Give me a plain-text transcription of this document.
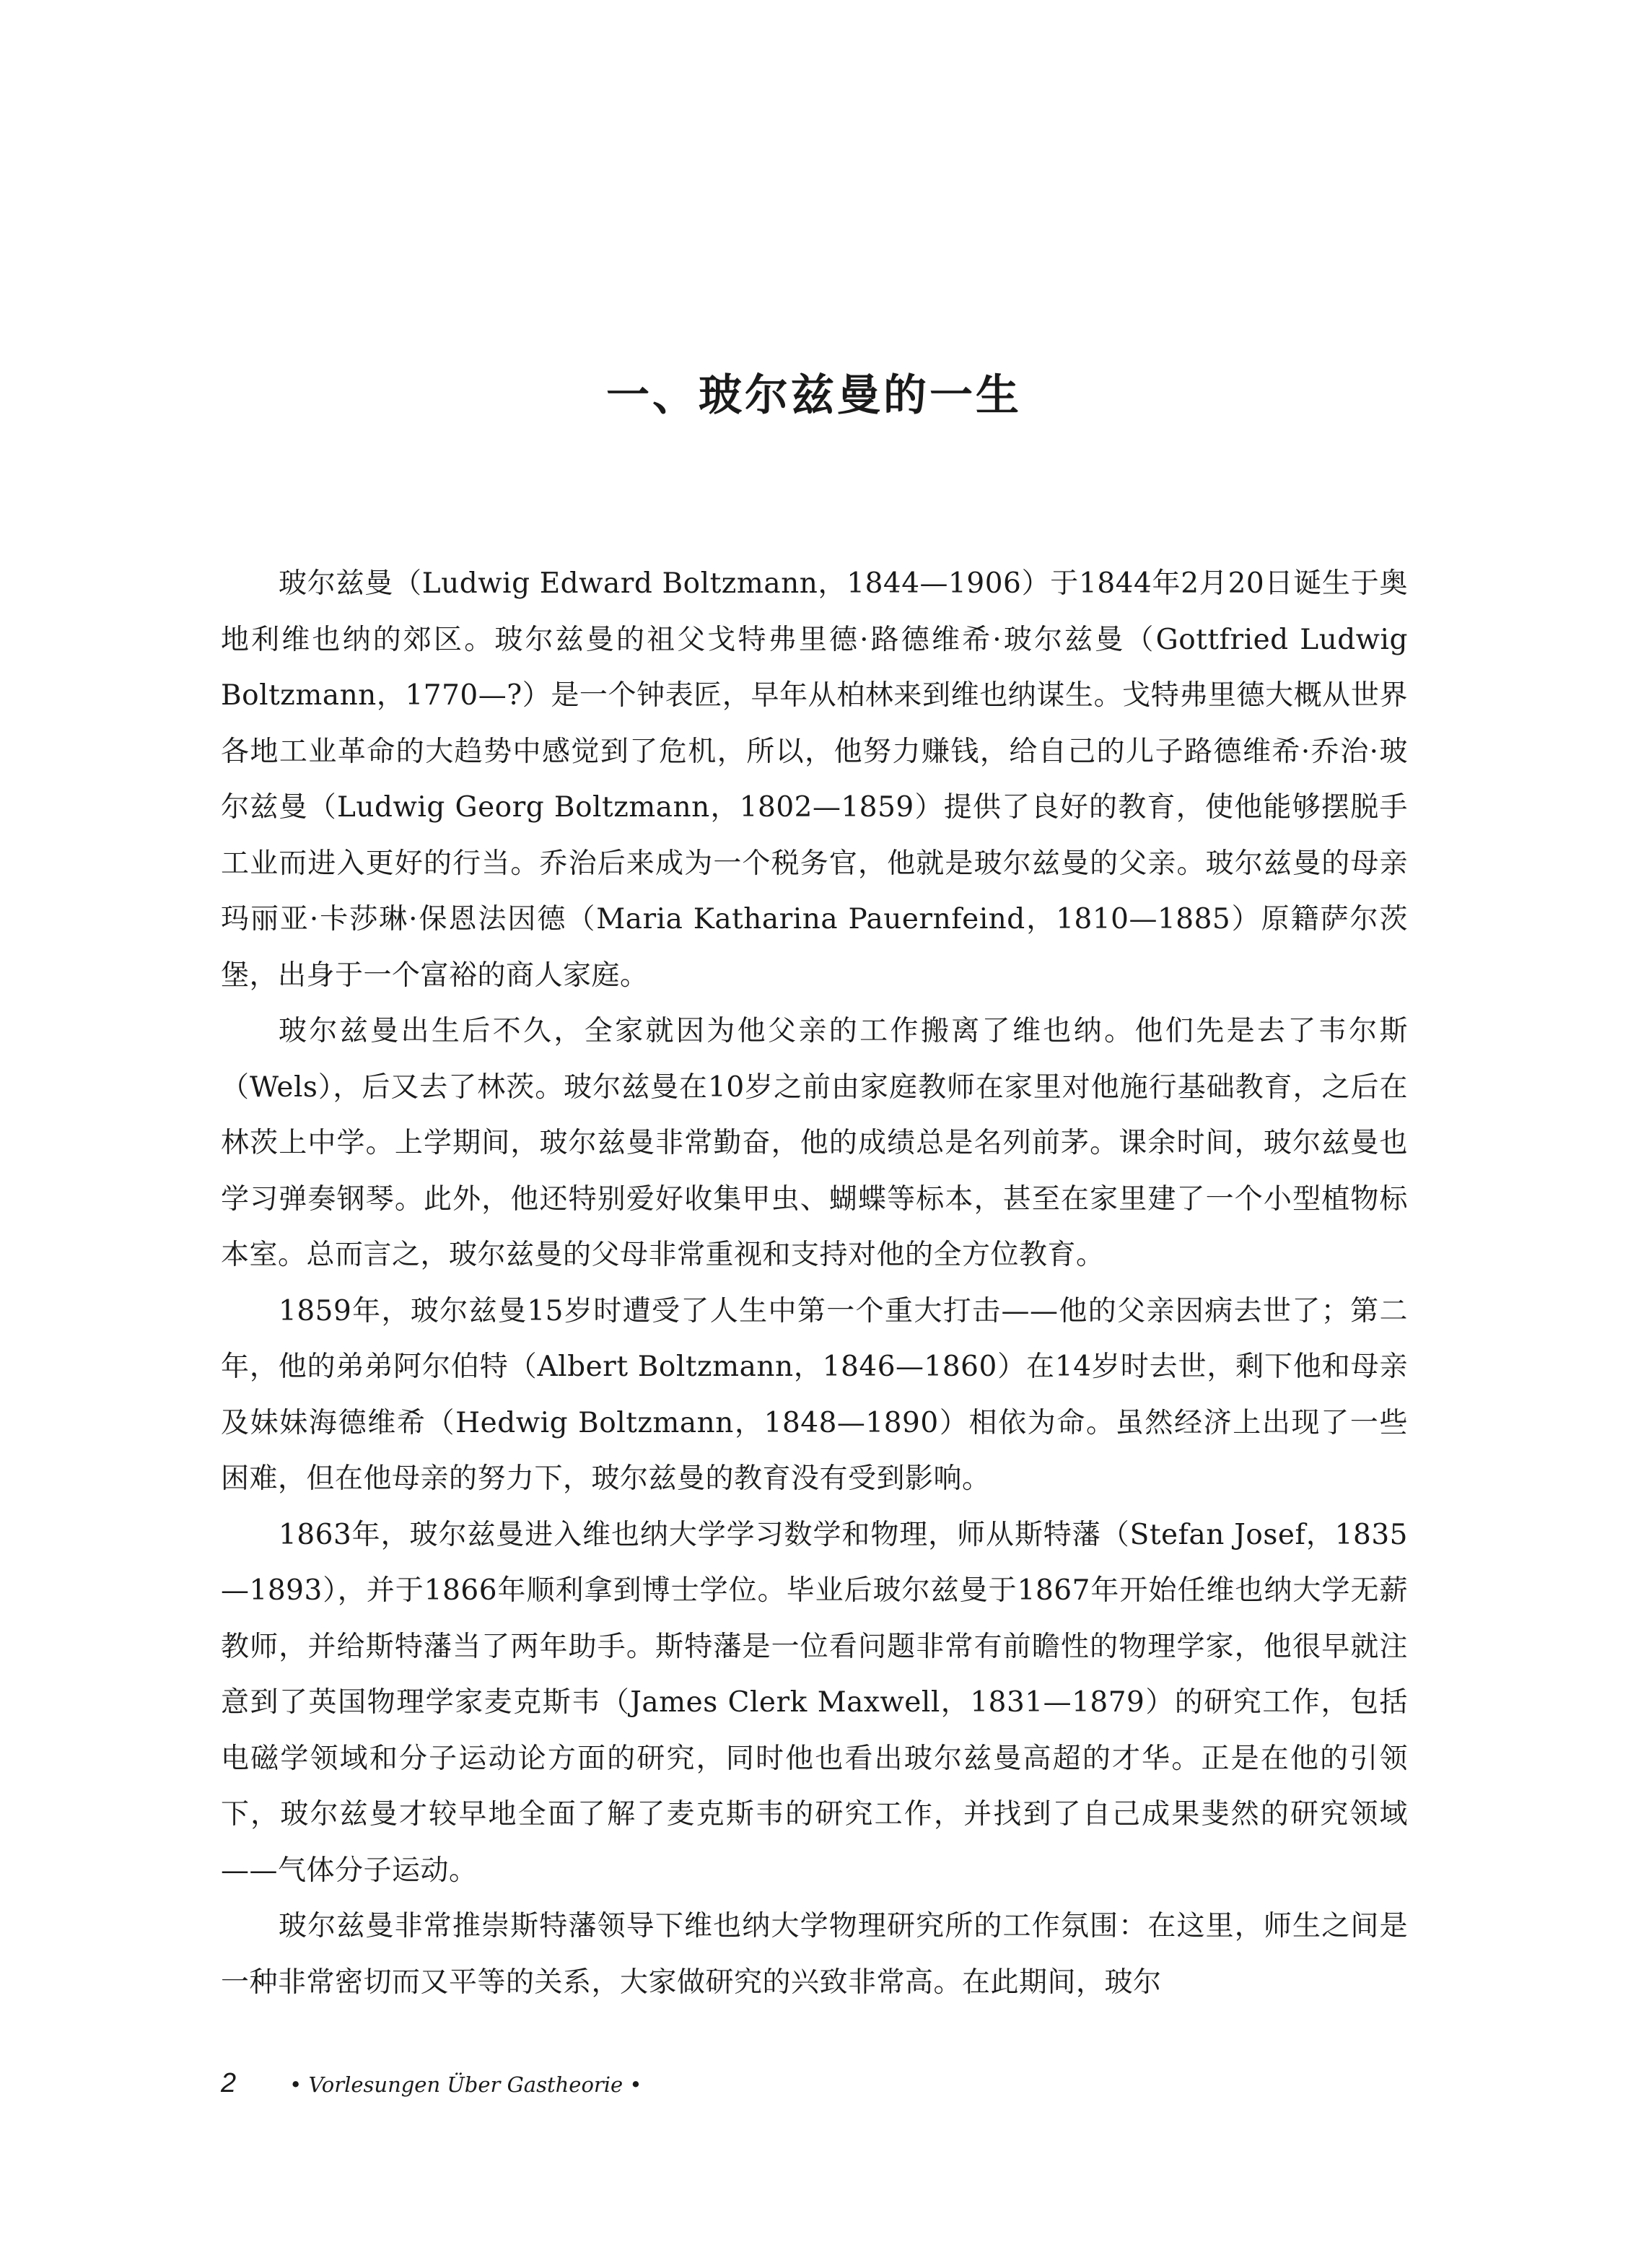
一、玻尔兹曼的一生

玻尔兹曼（Ludwig Edward Boltzmann，1844—1906）于1844年2月20日诞生于奥地利维也纳的郊区。玻尔兹曼的祖父戈特弗里德·路德维希·玻尔兹曼（Gottfried Ludwig Boltzmann，1770—?）是一个钟表匠，早年从柏林来到维也纳谋生。戈特弗里德大概从世界各地工业革命的大趋势中感觉到了危机，所以，他努力赚钱，给自己的儿子路德维希·乔治·玻尔兹曼（Ludwig Georg Boltzmann，1802—1859）提供了良好的教育，使他能够摆脱手工业而进入更好的行当。乔治后来成为一个税务官，他就是玻尔兹曼的父亲。玻尔兹曼的母亲玛丽亚·卡莎琳·保恩法因德（Maria Katharina Pauernfeind，1810—1885）原籍萨尔茨堡，出身于一个富裕的商人家庭。

玻尔兹曼出生后不久，全家就因为他父亲的工作搬离了维也纳。他们先是去了韦尔斯（Wels），后又去了林茨。玻尔兹曼在10岁之前由家庭教师在家里对他施行基础教育，之后在林茨上中学。上学期间，玻尔兹曼非常勤奋，他的成绩总是名列前茅。课余时间，玻尔兹曼也学习弹奏钢琴。此外，他还特别爱好收集甲虫、蝴蝶等标本，甚至在家里建了一个小型植物标本室。总而言之，玻尔兹曼的父母非常重视和支持对他的全方位教育。

1859年，玻尔兹曼15岁时遭受了人生中第一个重大打击——他的父亲因病去世了；第二年，他的弟弟阿尔伯特（Albert Boltzmann，1846—1860）在14岁时去世，剩下他和母亲及妹妹海德维希（Hedwig Boltzmann，1848—1890）相依为命。虽然经济上出现了一些困难，但在他母亲的努力下，玻尔兹曼的教育没有受到影响。

1863年，玻尔兹曼进入维也纳大学学习数学和物理，师从斯特藩（Stefan Josef，1835—1893），并于1866年顺利拿到博士学位。毕业后玻尔兹曼于1867年开始任维也纳大学无薪教师，并给斯特藩当了两年助手。斯特藩是一位看问题非常有前瞻性的物理学家，他很早就注意到了英国物理学家麦克斯韦（James Clerk Maxwell，1831—1879）的研究工作，包括电磁学领域和分子运动论方面的研究，同时他也看出玻尔兹曼高超的才华。正是在他的引领下，玻尔兹曼才较早地全面了解了麦克斯韦的研究工作，并找到了自己成果斐然的研究领域——气体分子运动。

玻尔兹曼非常推崇斯特藩领导下维也纳大学物理研究所的工作氛围：在这里，师生之间是一种非常密切而又平等的关系，大家做研究的兴致非常高。在此期间，玻尔

2	• Vorlesungen Über Gastheorie •
